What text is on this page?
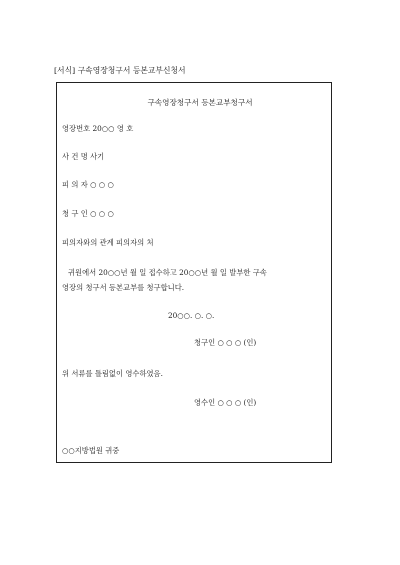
[서식] 구속영장청구서 등본교부신청서
구속영장청구서 등본교부청구서
영장번호 20○○ 영 호
사 건 명 사기
피 의 자 ○ ○ ○
청 구 인 ○ ○ ○
피의자와의 관계 피의자의 처
귀원에서 20○○년 월 일 접수하고 20○○년 월 일 발부한 구속
영장의 청구서 등본교부를 청구합니다.
20○○. ○. ○.
청구인 ○ ○ ○ (인)
위 서류를 틀림없이 영수하였음.
영수인 ○ ○ ○ (인)
○○지방법원 귀중
